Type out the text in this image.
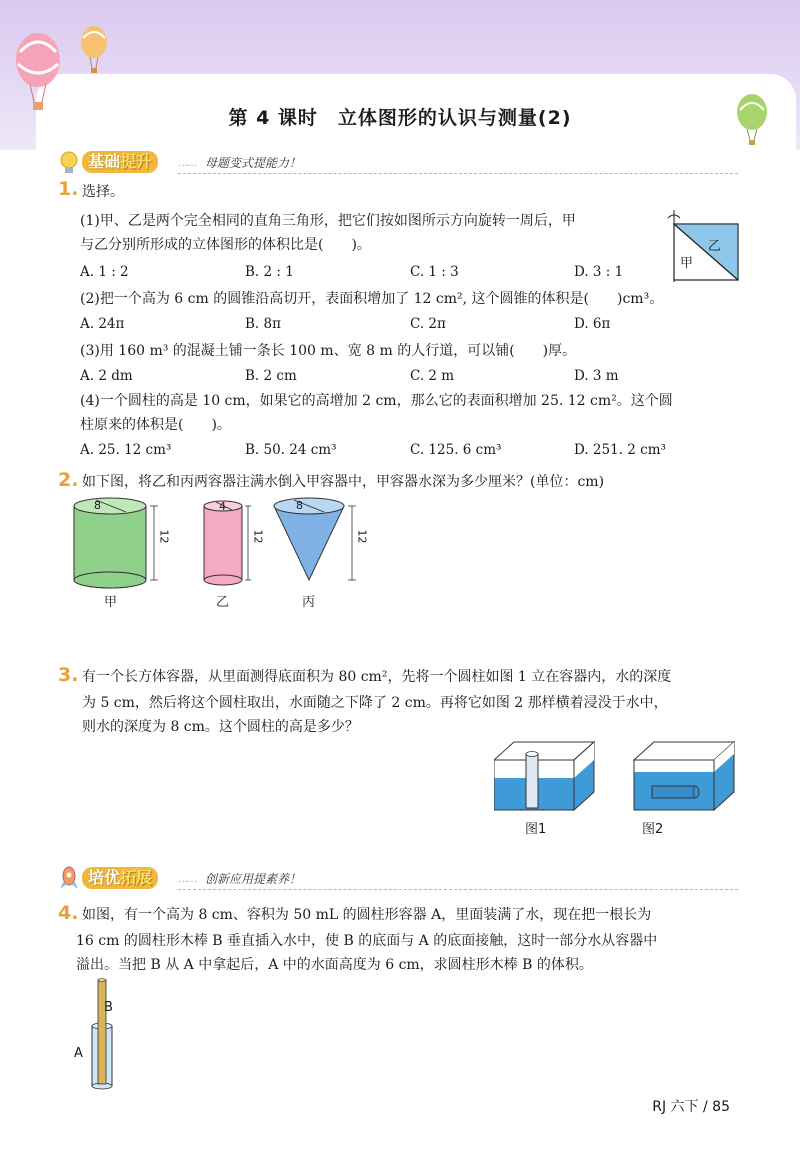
第 4 课时　立体图形的认识与测量(2)
基础提升	…… 母题变式提能力！
1. 选择。
(1)甲、乙是两个完全相同的直角三角形，把它们按如图所示方向旋转一周后，甲
与乙分别所形成的立体图形的体积比是(　　)。
A. 1 : 2	B. 2 : 1	C. 1 : 3	D. 3 : 1
乙
甲
(2)把一个高为 6 cm 的圆锥沿高切开，表面积增加了 12 cm², 这个圆锥的体积是(　　)cm³。
A. 24π	B. 8π	C. 2π	D. 6π
(3)用 160 m³ 的混凝土铺一条长 100 m、宽 8 m 的人行道，可以铺(　　)厚。
A. 2 dm	B. 2 cm	C. 2 m	D. 3 m
(4)一个圆柱的高是 10 cm，如果它的高增加 2 cm，那么它的表面积增加 25. 12 cm²。这个圆
柱原来的体积是(　　)。
A. 25. 12 cm³	B. 50. 24 cm³	C. 125. 6 cm³	D. 251. 2 cm³
2. 如下图，将乙和丙两容器注满水倒入甲容器中，甲容器水深为多少厘米？(单位：cm)
8	4	8
12	12	12
甲	乙	丙
3. 有一个长方体容器，从里面测得底面积为 80 cm²，先将一个圆柱如图 1 立在容器内，水的深度
为 5 cm，然后将这个圆柱取出，水面随之下降了 2 cm。再将它如图 2 那样横着浸没于水中，
则水的深度为 8 cm。这个圆柱的高是多少？
图1	图2
培优拓展	…… 创新应用提素养！
4. 如图，有一个高为 8 cm、容积为 50 mL 的圆柱形容器 A，里面装满了水，现在把一根长为
16 cm 的圆柱形木棒 B 垂直插入水中，使 B 的底面与 A 的底面接触，这时一部分水从容器中
溢出。当把 B 从 A 中拿起后，A 中的水面高度为 6 cm，求圆柱形木棒 B 的体积。
B
A
RJ 六下 / 85
